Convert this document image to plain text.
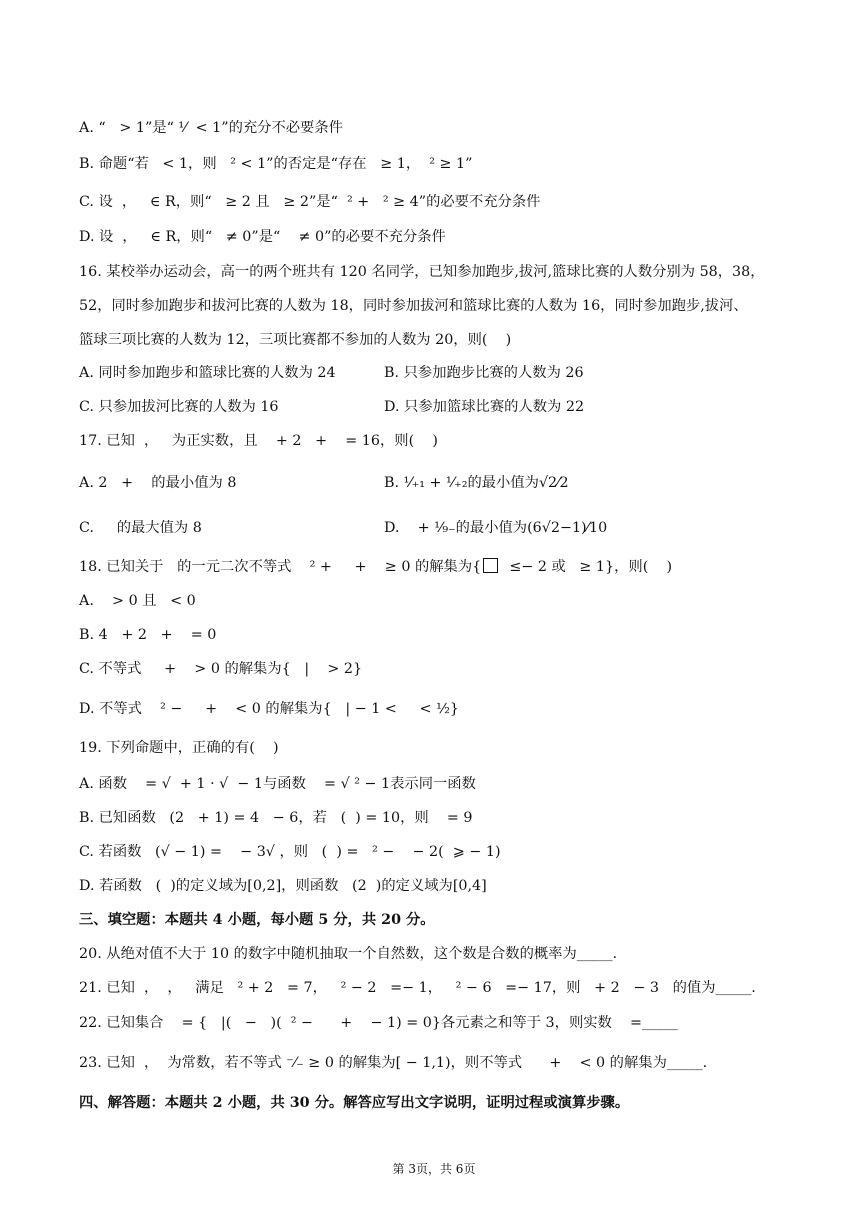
A. “   > 1”是“ ¹⁄  < 1”的充分不必要条件
B. 命题“若   < 1，则   ² < 1”的否定是“存在   ≥ 1，  ² ≥ 1”
C. 设  ，   ∈ R，则“   ≥ 2 且   ≥ 2”是“  ² +   ² ≥ 4”的必要不充分条件
D. 设  ，   ∈ R，则“   ≠ 0”是“    ≠ 0”的必要不充分条件
16. 某校举办运动会，高一的两个班共有 120 名同学，已知参加跑步,拔河,篮球比赛的人数分别为 58，38，
52，同时参加跑步和拔河比赛的人数为 18，同时参加拔河和篮球比赛的人数为 16，同时参加跑步,拔河、
篮球三项比赛的人数为 12，三项比赛都不参加的人数为 20，则(    )
A. 同时参加跑步和篮球比赛的人数为 24	B. 只参加跑步比赛的人数为 26
C. 只参加拔河比赛的人数为 16	D. 只参加篮球比赛的人数为 22
17. 已知  ，   为正实数，且    + 2   +    = 16，则(    )
A. 2   +    的最小值为 8	B. ¹⁄₊₁ + ¹⁄₊₂的最小值为√2⁄2
C.     的最大值为 8	D.    + ¹⁄₉₋的最小值为(6√2−1)⁄10
18. 已知关于   的一元二次不等式    ² +     +    ≥ 0 的解集为{  ≤− 2 或   ≥ 1}，则(    )
A.    > 0 且   < 0
B. 4   + 2   +    = 0
C. 不等式     +    > 0 的解集为{   |    > 2}
D. 不等式    ² −     +    < 0 的解集为{   | − 1 <     < ½}
19. 下列命题中，正确的有(    )
A. 函数    = √  + 1 · √  − 1与函数    = √ ² − 1表示同一函数
B. 已知函数   (2   + 1) = 4   − 6，若   (  ) = 10，则    = 9
C. 若函数   (√ − 1) =    − 3√ ，则   (  ) =   ² −    − 2(  ⩾ − 1)
D. 若函数   (  )的定义域为[0,2]，则函数   (2  )的定义域为[0,4]
三、填空题：本题共 4 小题，每小题 5 分，共 20 分。
20. 从绝对值不大于 10 的数字中随机抽取一个自然数，这个数是合数的概率为_____.
21. 已知  ，  ，   满足   ² + 2   = 7，   ² − 2   =− 1，   ² − 6   =− 17，则   + 2   − 3   的值为_____.
22. 已知集合    = {   |(   −   )(  ² −      +    − 1) = 0}各元素之和等于 3，则实数    =_____
23. 已知  ，  为常数，若不等式 ⁻⁄₋ ≥ 0 的解集为[ − 1,1)，则不等式      +    < 0 的解集为_____.
四、解答题：本题共 2 小题，共 30 分。解答应写出文字说明，证明过程或演算步骤。
第 3页，共 6页
